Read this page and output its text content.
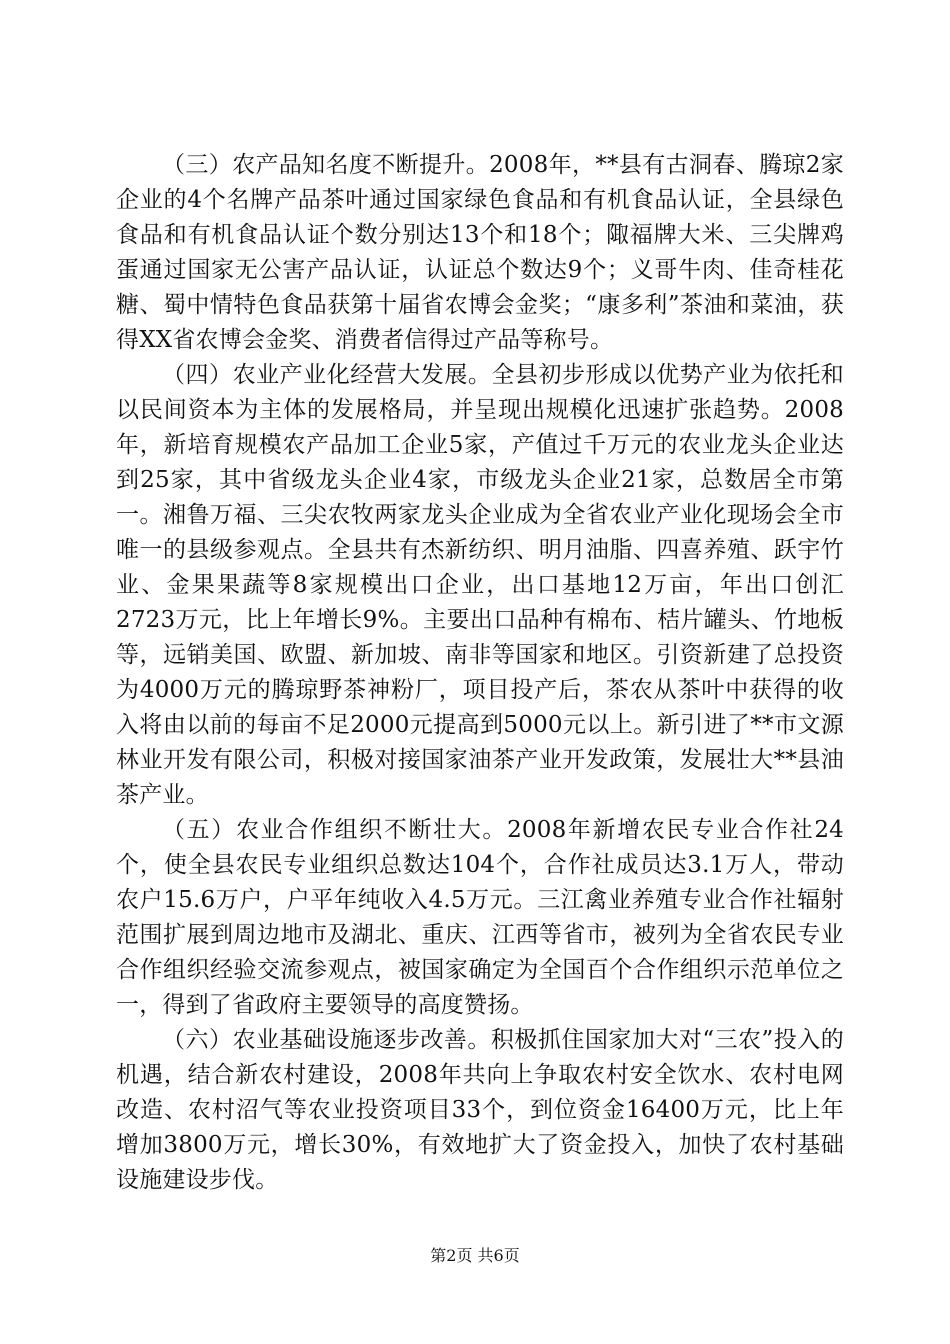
（三）农产品知名度不断提升。2008年，**县有古洞春、腾琼2家企业的4个名牌产品茶叶通过国家绿色食品和有机食品认证，全县绿色食品和有机食品认证个数分别达13个和18个；陬福牌大米、三尖牌鸡蛋通过国家无公害产品认证，认证总个数达9个；义哥牛肉、佳奇桂花糖、蜀中情特色食品获第十届省农博会金奖；“康多利”茶油和菜油，获得XX省农博会金奖、消费者信得过产品等称号。

（四）农业产业化经营大发展。全县初步形成以优势产业为依托和以民间资本为主体的发展格局，并呈现出规模化迅速扩张趋势。2008年，新培育规模农产品加工企业5家，产值过千万元的农业龙头企业达到25家，其中省级龙头企业4家，市级龙头企业21家，总数居全市第一。湘鲁万福、三尖农牧两家龙头企业成为全省农业产业化现场会全市唯一的县级参观点。全县共有杰新纺织、明月油脂、四喜养殖、跃宇竹业、金果果蔬等8家规模出口企业，出口基地12万亩，年出口创汇2723万元，比上年增长9%。主要出口品种有棉布、桔片罐头、竹地板等，远销美国、欧盟、新加坡、南非等国家和地区。引资新建了总投资为4000万元的腾琼野茶神粉厂，项目投产后，茶农从茶叶中获得的收入将由以前的每亩不足2000元提高到5000元以上。新引进了**市文源林业开发有限公司，积极对接国家油茶产业开发政策，发展壮大**县油茶产业。

（五）农业合作组织不断壮大。2008年新增农民专业合作社24个，使全县农民专业组织总数达104个，合作社成员达3.1万人，带动农户15.6万户，户平年纯收入4.5万元。三江禽业养殖专业合作社辐射范围扩展到周边地市及湖北、重庆、江西等省市，被列为全省农民专业合作组织经验交流参观点，被国家确定为全国百个合作组织示范单位之一，得到了省政府主要领导的高度赞扬。

（六）农业基础设施逐步改善。积极抓住国家加大对“三农”投入的机遇，结合新农村建设，2008年共向上争取农村安全饮水、农村电网改造、农村沼气等农业投资项目33个，到位资金16400万元，比上年增加3800万元，增长30%，有效地扩大了资金投入，加快了农村基础设施建设步伐。

第2页 共6页
